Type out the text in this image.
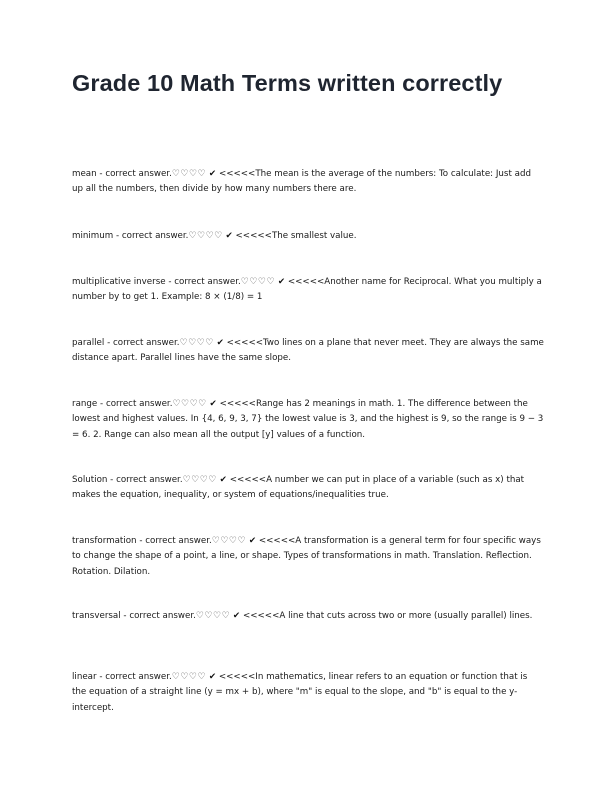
Grade 10 Math Terms written correctly

mean - correct answer.♡♡♡♡ ✔ <<<<<The mean is the average of the numbers: To calculate: Just add up all the numbers, then divide by how many numbers there are.

minimum - correct answer.♡♡♡♡ ✔ <<<<<The smallest value.

multiplicative inverse - correct answer.♡♡♡♡ ✔ <<<<<Another name for Reciprocal. What you multiply a number by to get 1. Example: 8 × (1/8) = 1

parallel - correct answer.♡♡♡♡ ✔ <<<<<Two lines on a plane that never meet. They are always the same distance apart. Parallel lines have the same slope.

range - correct answer.♡♡♡♡ ✔ <<<<<Range has 2 meanings in math. 1. The difference between the lowest and highest values. In {4, 6, 9, 3, 7} the lowest value is 3, and the highest is 9, so the range is 9 − 3 = 6. 2. Range can also mean all the output [y] values of a function.

Solution - correct answer.♡♡♡♡ ✔ <<<<<A number we can put in place of a variable (such as x) that makes the equation, inequality, or system of equations/inequalities true.

transformation - correct answer.♡♡♡♡ ✔ <<<<<A transformation is a general term for four specific ways to change the shape of a point, a line, or shape. Types of transformations in math. Translation. Reflection. Rotation. Dilation.

transversal - correct answer.♡♡♡♡ ✔ <<<<<A line that cuts across two or more (usually parallel) lines.

linear - correct answer.♡♡♡♡ ✔ <<<<<In mathematics, linear refers to an equation or function that is the equation of a straight line (y = mx + b), where "m" is equal to the slope, and "b" is equal to the y-intercept.
